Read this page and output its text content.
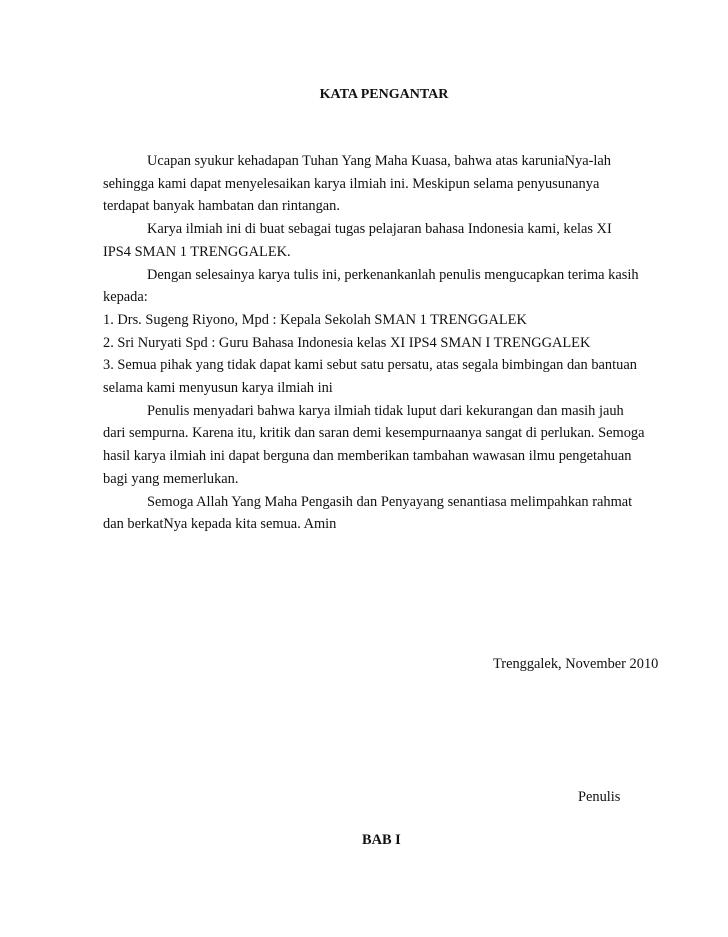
KATA PENGANTAR
Ucapan syukur kehadapan Tuhan Yang Maha Kuasa, bahwa atas karuniaNya-lah
sehingga kami dapat menyelesaikan karya ilmiah ini. Meskipun selama penyusunanya
terdapat banyak hambatan dan rintangan.
Karya ilmiah ini di buat sebagai tugas pelajaran bahasa Indonesia kami, kelas XI
IPS4 SMAN 1 TRENGGALEK.
Dengan selesainya karya tulis ini, perkenankanlah penulis mengucapkan terima kasih
kepada:
1. Drs. Sugeng Riyono, Mpd : Kepala Sekolah SMAN 1 TRENGGALEK
2. Sri Nuryati Spd : Guru Bahasa Indonesia kelas XI IPS4 SMAN I TRENGGALEK
3. Semua pihak yang tidak dapat kami sebut satu persatu, atas segala bimbingan dan bantuan
selama kami menyusun karya ilmiah ini
Penulis menyadari bahwa karya ilmiah tidak luput dari kekurangan dan masih jauh
dari sempurna. Karena itu, kritik dan saran demi kesempurnaanya sangat di perlukan. Semoga
hasil karya ilmiah ini dapat berguna dan memberikan tambahan wawasan ilmu pengetahuan
bagi yang memerlukan.
Semoga Allah Yang Maha Pengasih dan Penyayang senantiasa melimpahkan rahmat
dan berkatNya kepada kita semua. Amin
Trenggalek, November 2010
Penulis
BAB I
